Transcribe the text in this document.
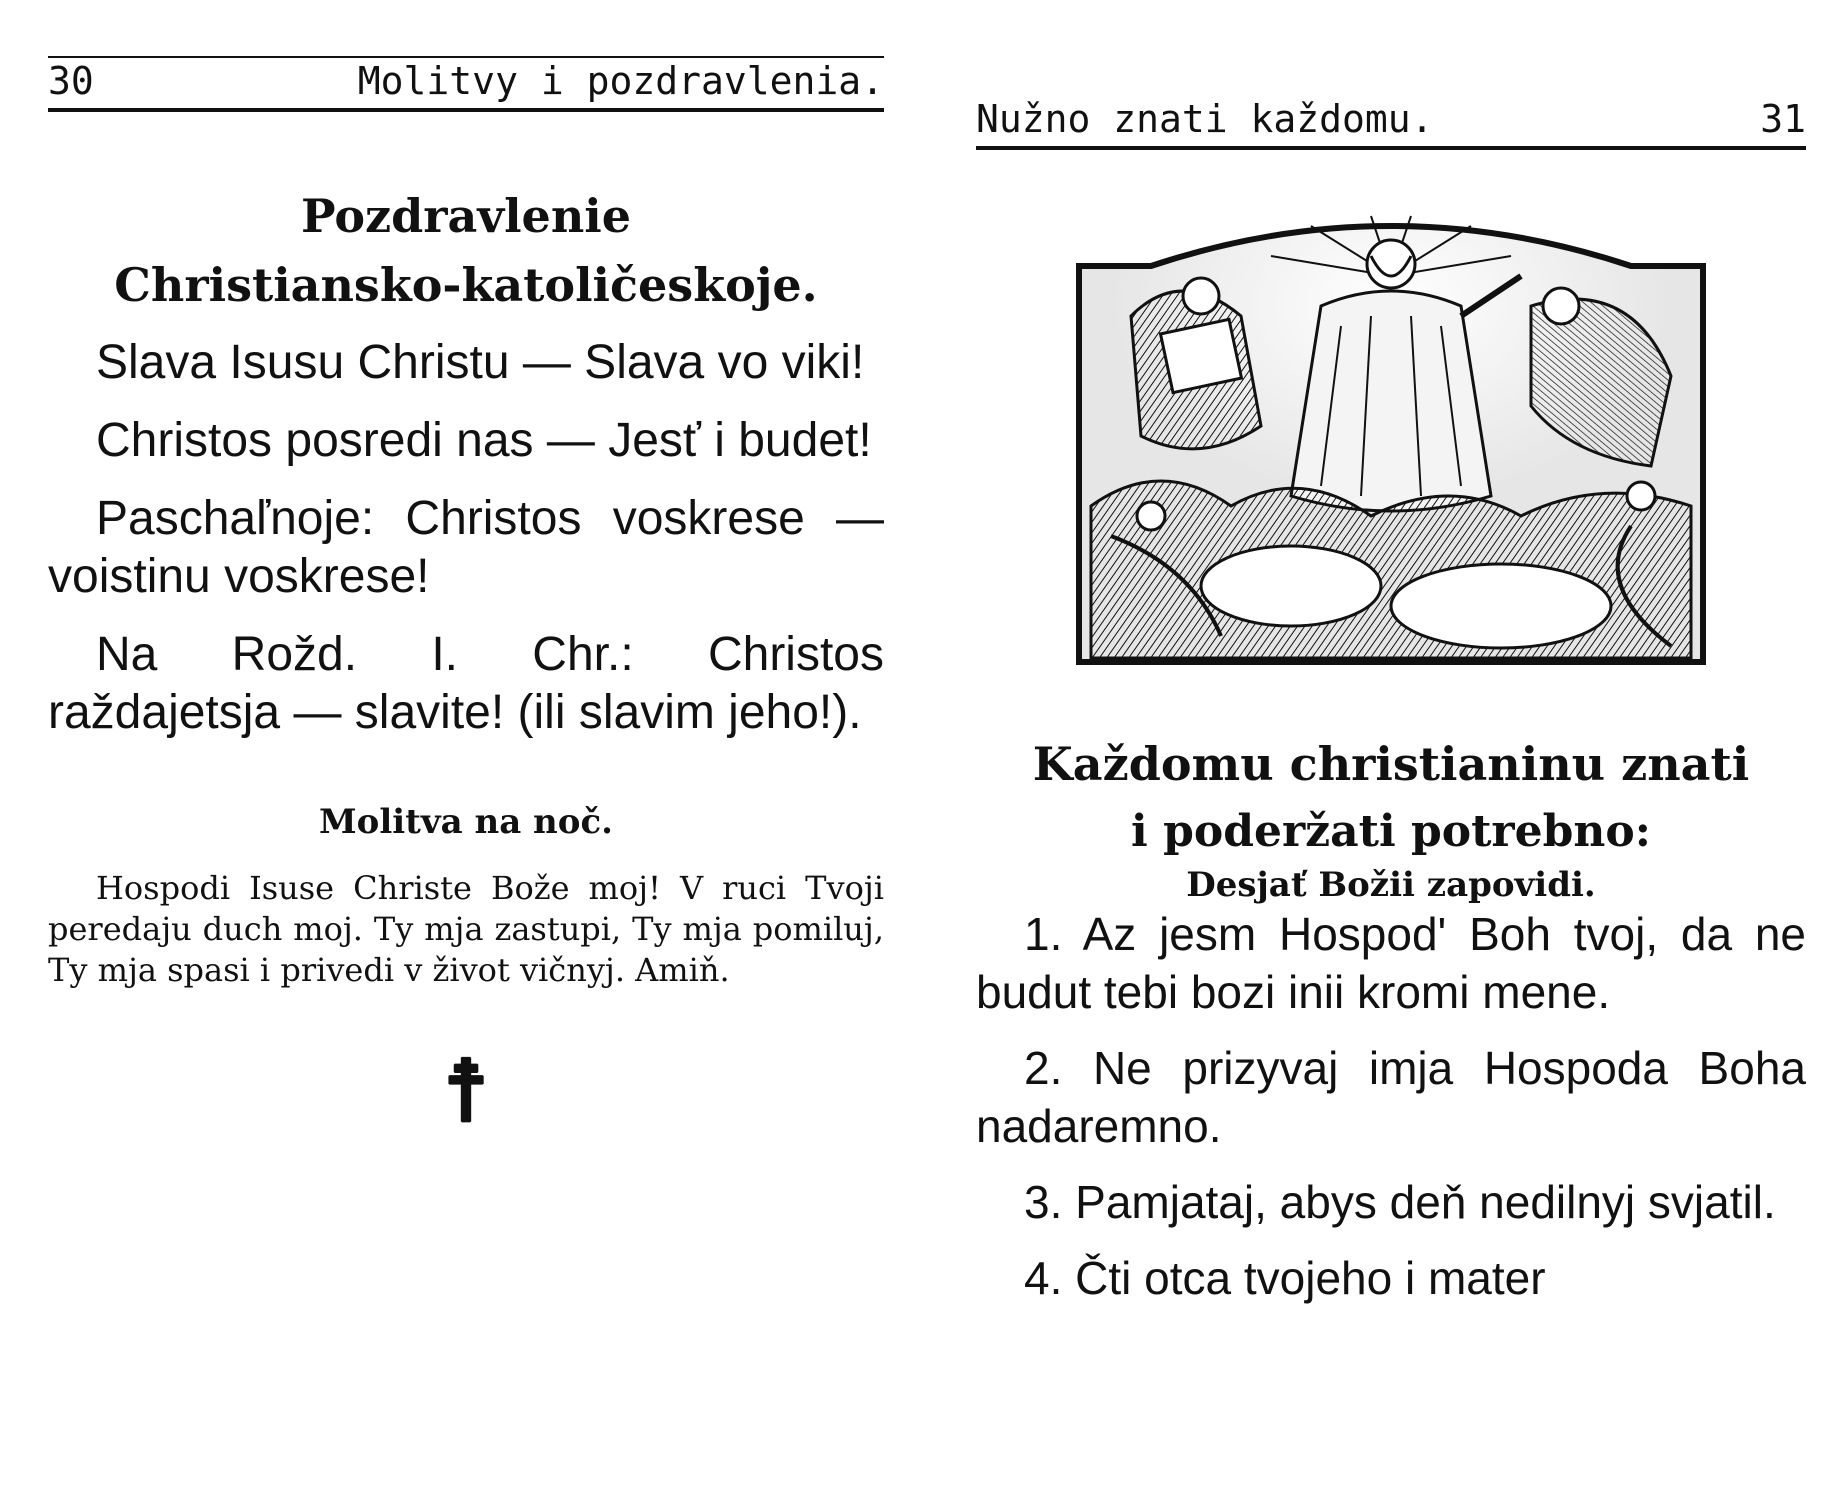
30	Molitvy i pozdravlenia.
Pozdravlenie
Christiansko-katoličeskoje.

Slava Isusu Christu — Slava vo viki!

Christos posredi nas — Jesť i budet!

Paschaľnoje: Christos voskrese — voistinu voskrese!

Na Rožd. I. Chr.: Christos raždajetsja — slavite! (ili slavim jeho!).

Molitva na noč.

Hospodi Isuse Christe Bože moj! V ruci Tvoji peredaju duch moj. Ty mja zastupi, Ty mja pomiluj, Ty mja spasi i privedi v život vičnyj. Amiň.

☨
Nužno znati každomu.	31
Každomu christianinu znati
i poderžati potrebno:
Desjať Božii zapovidi.
1. Az jesm Hospod' Boh tvoj, da ne budut tebi bozi inii kromi mene.
2. Ne prizyvaj imja Hospoda Boha nadaremno.
3. Pamjataj, abys deň nedilnyj svjatil.
4. Čti otca tvojeho i mater
